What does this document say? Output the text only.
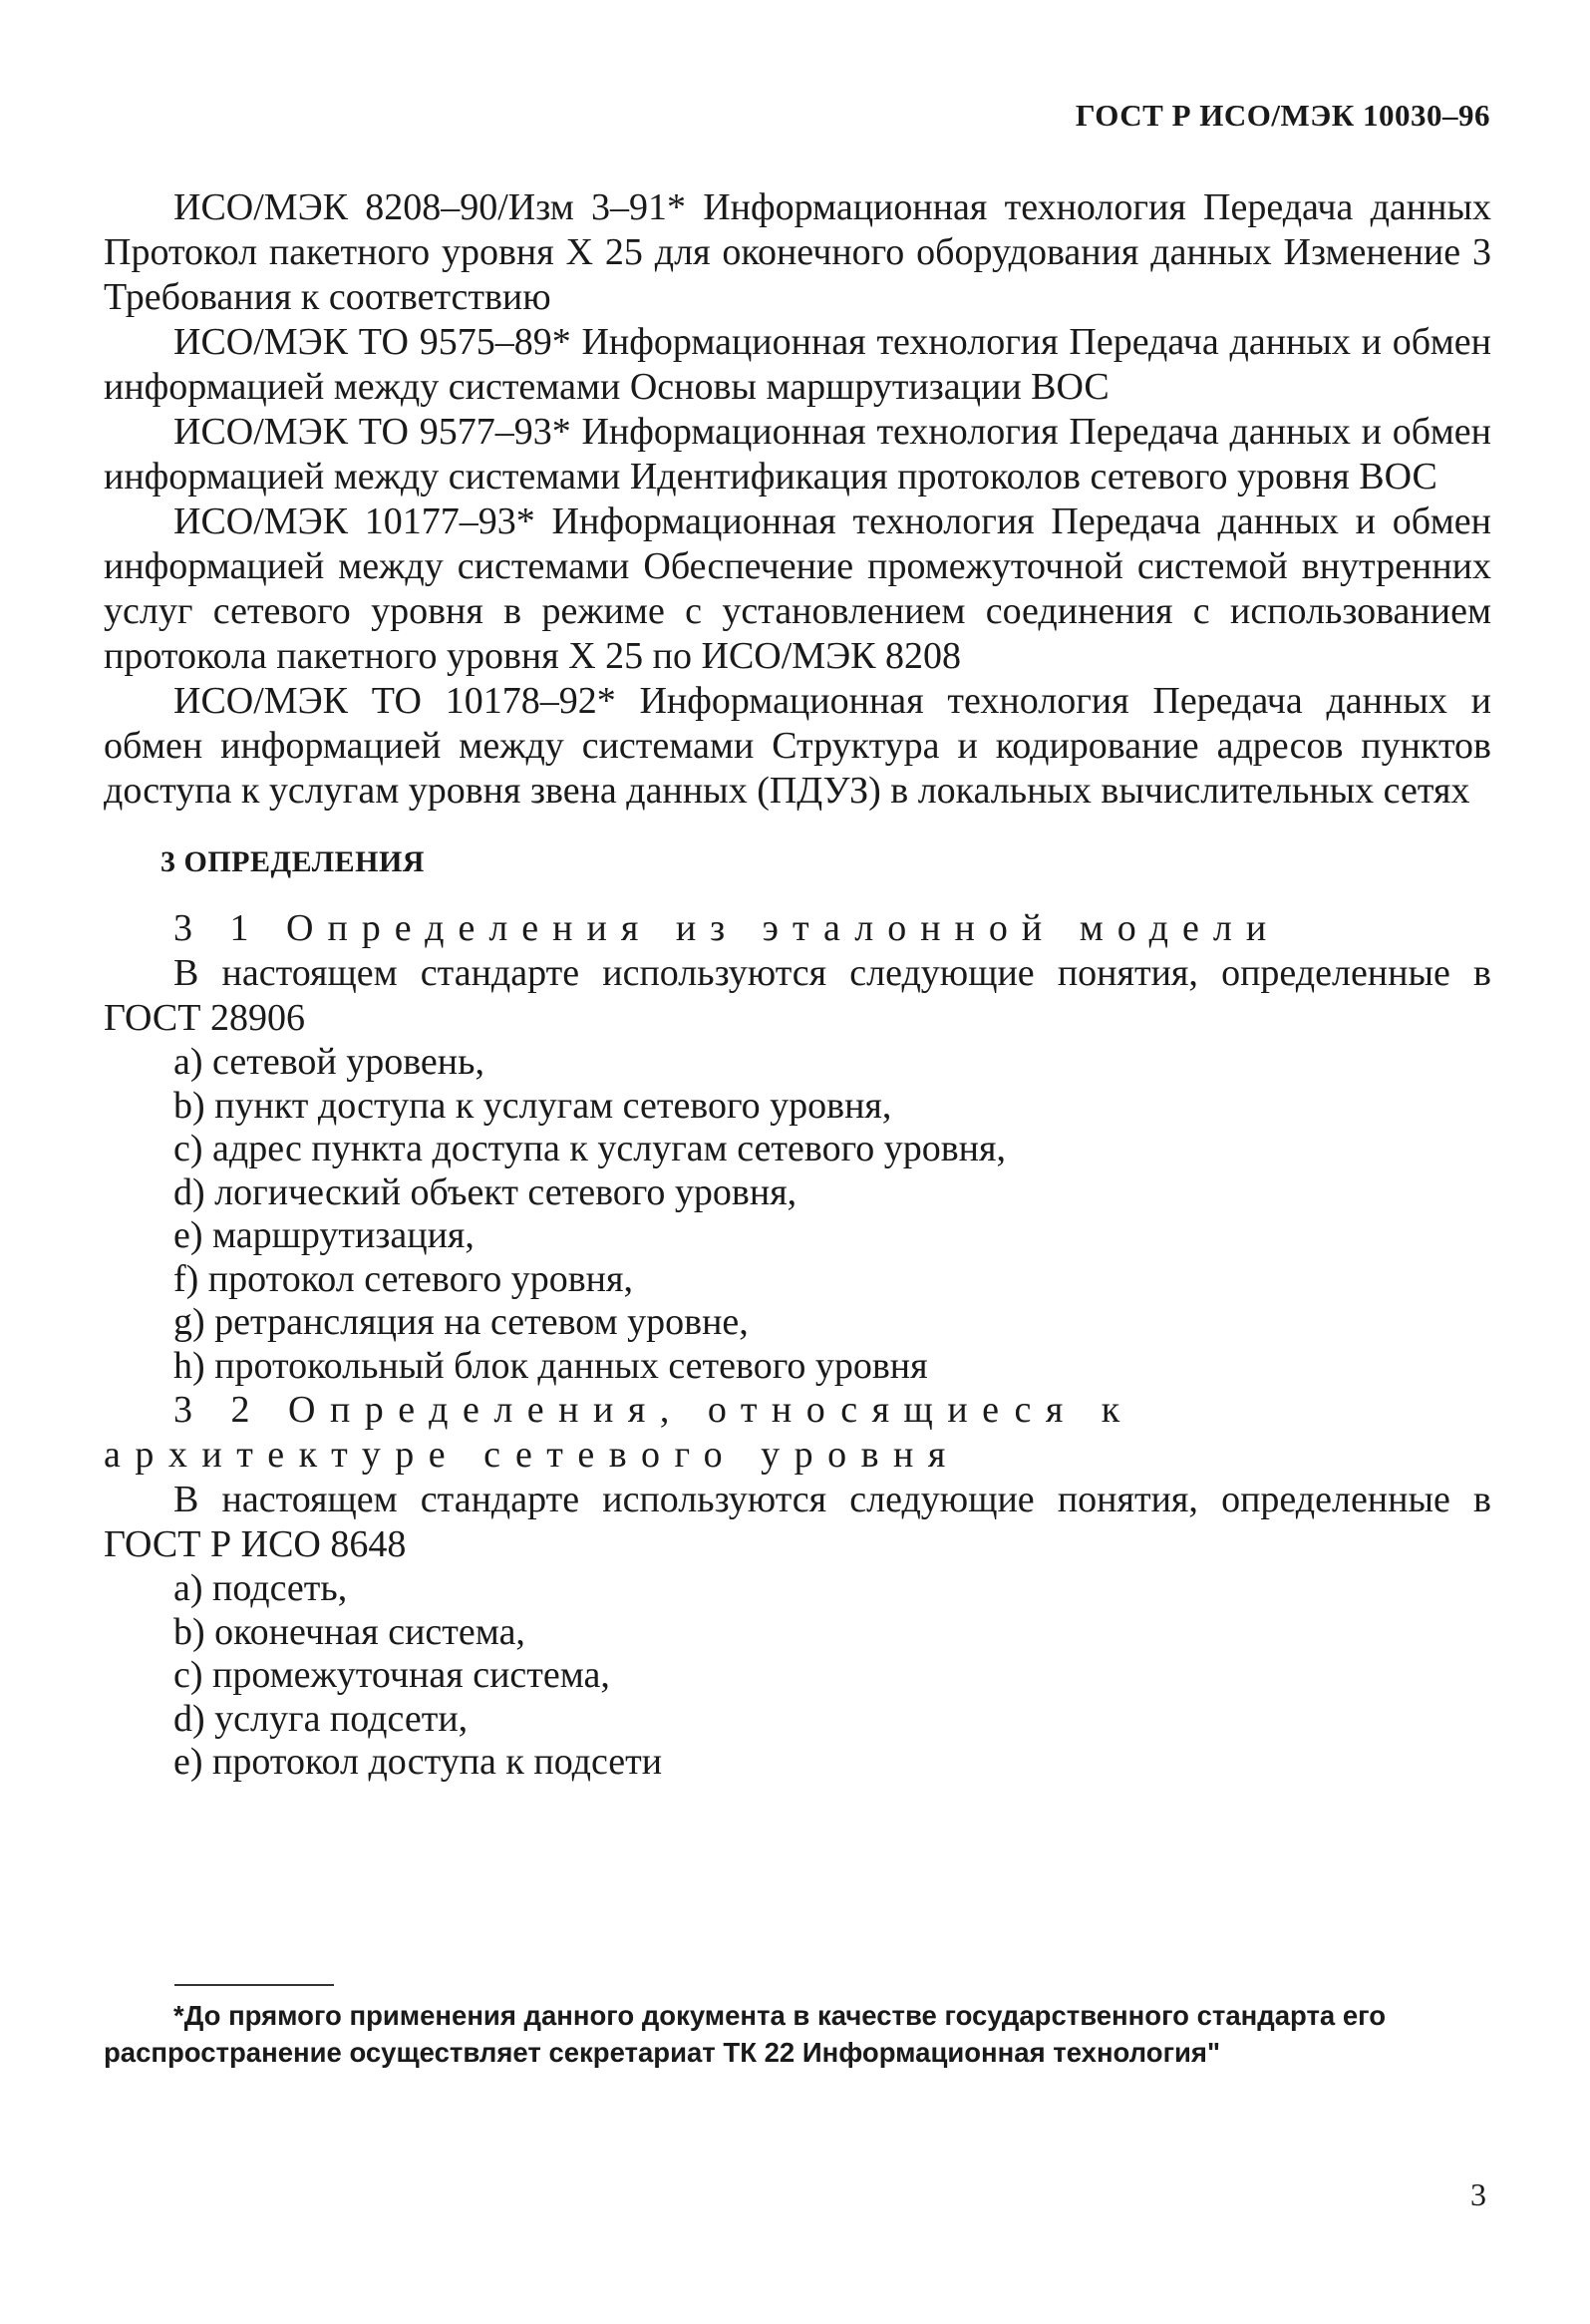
ГОСТ Р ИСО/МЭК 10030–96

ИСО/МЭК 8208–90/Изм 3–91* Информационная технология Передача данных Протокол пакетного уровня X 25 для оконечного оборудования данных Изменение 3 Требования к соответствию

ИСО/МЭК ТО 9575–89* Информационная технология Передача данных и обмен информацией между системами Основы маршрутизации ВОС

ИСО/МЭК ТО 9577–93* Информационная технология Передача данных и обмен информацией между системами Идентификация протоколов сетевого уровня ВОС

ИСО/МЭК 10177–93* Информационная технология Передача данных и обмен информацией между системами Обеспечение промежуточной системой внутренних услуг сетевого уровня в режиме с установлением соединения с использованием протокола пакетного уровня X 25 по ИСО/МЭК 8208

ИСО/МЭК ТО 10178–92* Информационная технология Передача данных и обмен информацией между системами Структура и кодирование адресов пунктов доступа к услугам уровня звена данных (ПДУЗ) в локальных вычислительных сетях

3 ОПРЕДЕЛЕНИЯ

3 1 Определения из эталонной модели

В настоящем стандарте используются следующие понятия, определенные в ГОСТ 28906

a) сетевой уровень,
b) пункт доступа к услугам сетевого уровня,
c) адрес пункта доступа к услугам сетевого уровня,
d) логический объект сетевого уровня,
e) маршрутизация,
f) протокол сетевого уровня,
g) ретрансляция на сетевом уровне,
h) протокольный блок данных сетевого уровня

3 2 Определения, относящиеся к архитектуре сетевого уровня

В настоящем стандарте используются следующие понятия, определенные в ГОСТ Р ИСО 8648

a) подсеть,
b) оконечная система,
c) промежуточная система,
d) услуга подсети,
e) протокол доступа к подсети
*До прямого применения данного документа в качестве государственного стандарта его распространение осуществляет секретариат ТК 22 Информационная технология"
3
